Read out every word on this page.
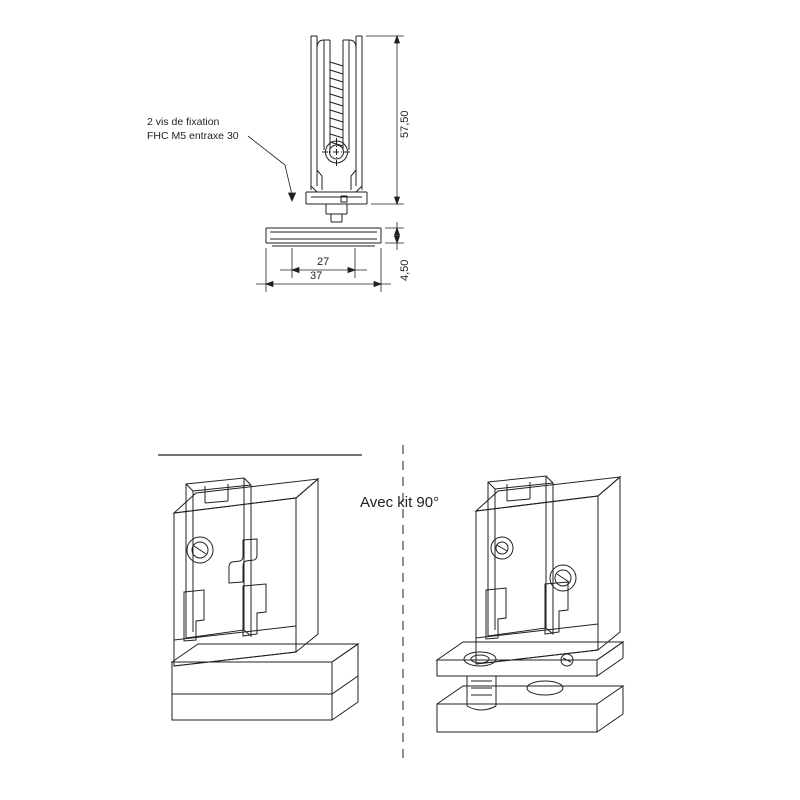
2 vis de fixation
FHC M5 entraxe 30	57,50
4,50
27
37
Avec kit 90°
